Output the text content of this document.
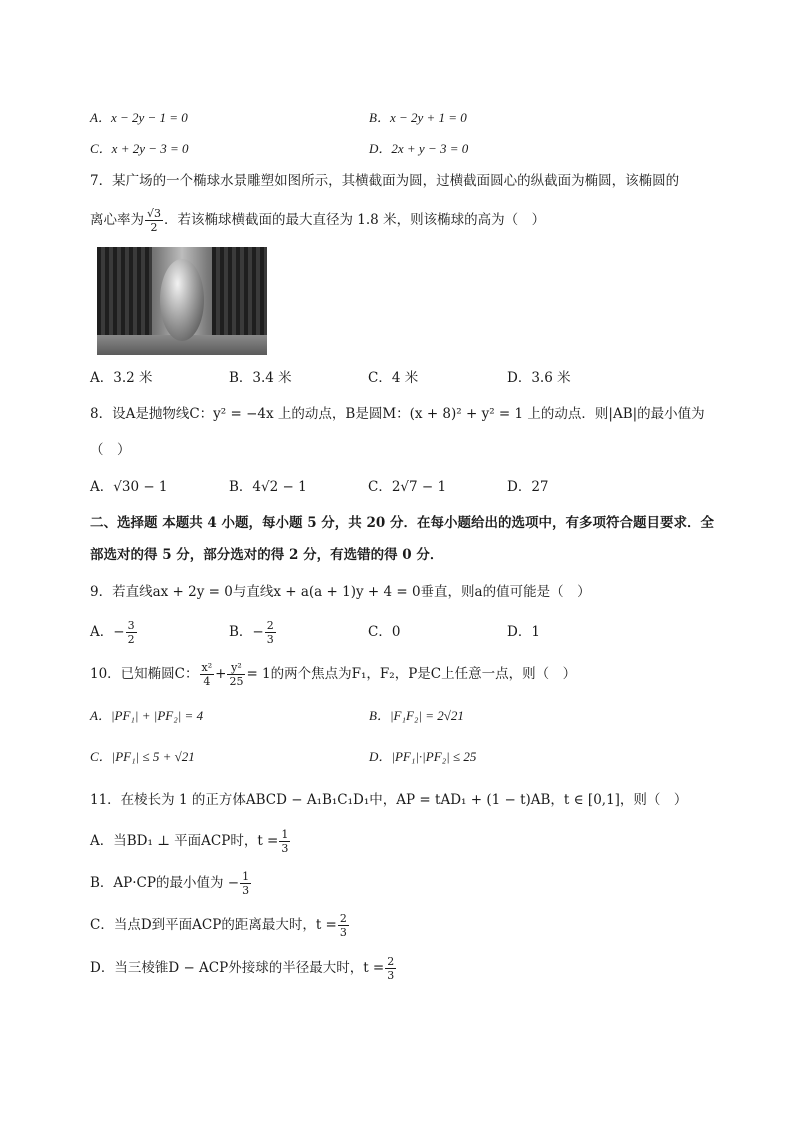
A．x − 2y − 1 = 0	B．x − 2y + 1 = 0
C．x + 2y − 3 = 0	D．2x + y − 3 = 0
7．某广场的一个椭球水景雕塑如图所示，其横截面为圆，过横截面圆心的纵截面为椭圆，该椭圆的
离心率为 $\frac{√3}{2}$ ．若该椭球横截面的最大直径为 1.8 米，则该椭球的高为（　）
A．3.2 米	B．3.4 米	C．4 米	D．3.6 米
8．设A是抛物线C：y² = −4x 上的动点，B是圆M：(x + 8)² + y² = 1 上的动点．则|AB|的最小值为
（　）
A．√30 − 1	B．4√2 − 1	C．2√7 − 1	D．27
二、选择题 本题共 4 小题，每小题 5 分，共 20 分．在每小题给出的选项中，有多项符合题目要求．全
部选对的得 5 分，部分选对的得 2 分，有选错的得 0 分．
9．若直线ax + 2y = 0与直线x + a(a + 1)y + 4 = 0垂直，则a的值可能是（　）
A．− $\frac{3}{2}$	B．− $\frac{2}{3}$	C．0	D．1
10．已知椭圆C： $\frac{\text{x²}}{4} + \frac{\text{y²}}{25} = 1$的两个焦点为F₁，F₂，P是C上任意一点，则（　）
A．|PF₁| + |PF₂| = 4	B．|F₁F₂| = 2√21
C．|PF₁| ≤ 5 + √21	D．|PF₁|·|PF₂| ≤ 25
11．在棱长为 1 的正方体ABCD − A₁B₁C₁D₁中，AP = tAD₁ + (1 − t)AB，t ∈ [0,1]，则（　）
A．当BD₁ ⊥ 平面ACP时，$t = \frac{1}{3}$
B．AP·CP的最小值为 − $\frac{1}{3}$
C．当点D到平面ACP的距离最大时，$t = \frac{2}{3}$
D．当三棱锥D − ACP外接球的半径最大时，$t = \frac{2}{3}$
